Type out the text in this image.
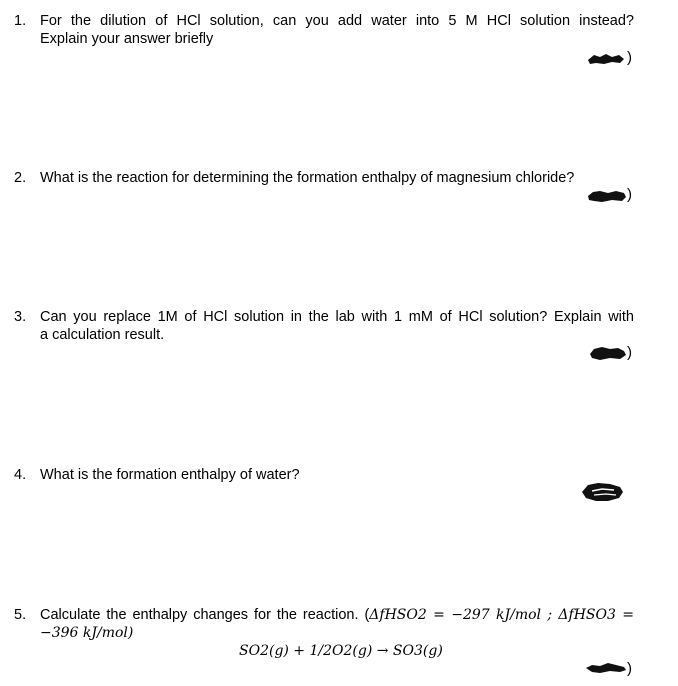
1. For the dilution of HCl solution, can you add water into 5 M HCl solution instead?
Explain your answer briefly
)
2. What is the reaction for determining the formation enthalpy of magnesium chloride?
)
3. Can you replace 1M of HCl solution in the lab with 1 mM of HCl solution? Explain with
a calculation result.
)
4. What is the formation enthalpy of water?
5. Calculate the enthalpy changes for the reaction. (ΔfHSO2 = −297 kJ/mol ; ΔfHSO3 =
−396 kJ/mol)
SO2(g) + 1/2O2(g) → SO3(g)
)
